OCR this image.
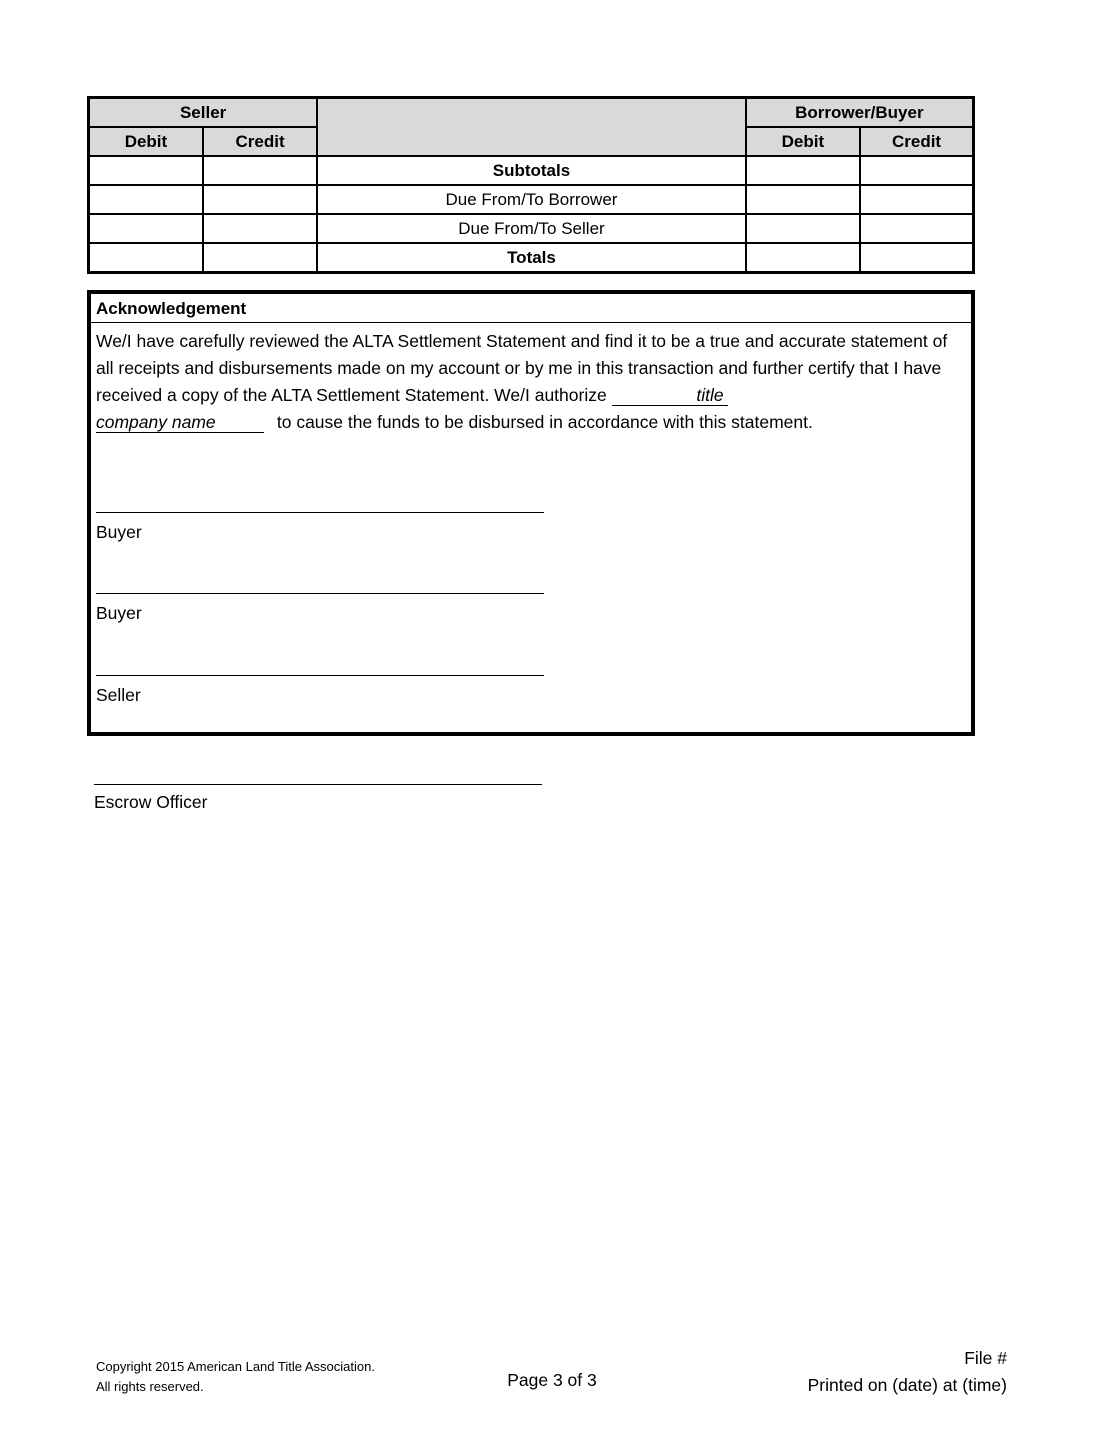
Seller			Borrower/Buyer	
Debit	Credit		Debit	Credit
		Subtotals		
		Due From/To Borrower		
		Due From/To Seller		
		Totals		
Acknowledgement
We/I have carefully reviewed the ALTA Settlement Statement and find it to be a true and accurate statement of all receipts and disbursements made on my account or by me in this transaction and further certify that I have received a copy of the ALTA Settlement Statement. We/I authorize	title
company name	to cause the funds to be disbursed in accordance with this statement.
Buyer
Buyer
Seller
Escrow Officer
Copyright 2015 American Land Title Association.
All rights reserved.	Page 3 of 3
File #
Printed on (date) at (time)
